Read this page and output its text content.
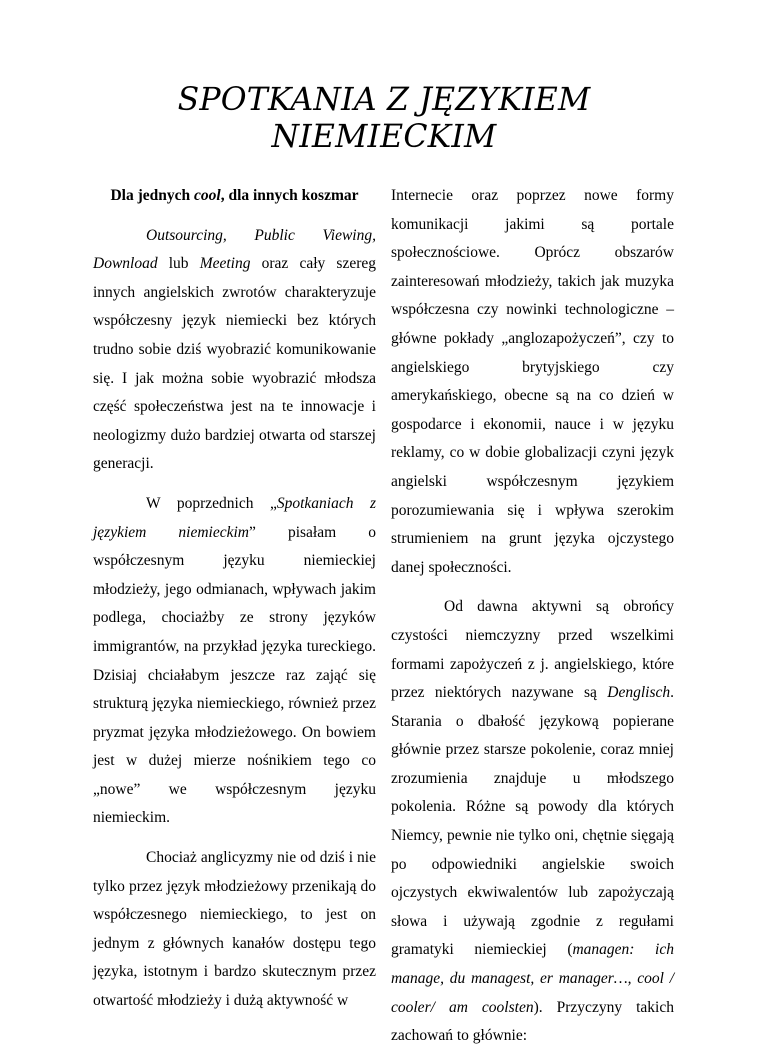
SPOTKANIA Z JĘZYKIEM
NIEMIECKIM

Dla jednych cool, dla innych koszmar

Outsourcing, Public Viewing, Download lub Meeting oraz cały szereg innych angielskich zwrotów charakteryzuje współczesny język niemiecki bez których trudno sobie dziś wyobrazić komunikowanie się. I jak można sobie wyobrazić młodsza część społeczeństwa jest na te innowacje i neologizmy dużo bardziej otwarta od starszej generacji.

W poprzednich „Spotkaniach z językiem niemieckim” pisałam o współczesnym języku niemieckiej młodzieży, jego odmianach, wpływach jakim podlega, chociażby ze strony języków immigrantów, na przykład języka tureckiego. Dzisiaj chciałabym jeszcze raz zająć się strukturą języka niemieckiego, również przez pryzmat języka młodzieżowego. On bowiem jest w dużej mierze nośnikiem tego co „nowe” we współczesnym języku niemieckim.

Chociaż anglicyzmy nie od dziś i nie tylko przez język młodzieżowy przenikają do współczesnego niemieckiego, to jest on jednym z głównych kanałów dostępu tego języka, istotnym i bardzo skutecznym przez otwartość młodzieży i dużą aktywność w

Internecie oraz poprzez nowe formy komunikacji jakimi są portale społecznościowe. Oprócz obszarów zainteresowań młodzieży, takich jak muzyka współczesna czy nowinki technologiczne – główne pokłady „anglozapożyczeń”, czy to angielskiego brytyjskiego czy amerykańskiego, obecne są na co dzień w gospodarce i ekonomii, nauce i w języku reklamy, co w dobie globalizacji czyni język angielski współczesnym językiem porozumiewania się i wpływa szerokim strumieniem na grunt języka ojczystego danej społeczności.

Od dawna aktywni są obrońcy czystości niemczyzny przed wszelkimi formami zapożyczeń z j. angielskiego, które przez niektórych nazywane są Denglisch. Starania o dbałość językową popierane głównie przez starsze pokolenie, coraz mniej zrozumienia znajduje u młodszego pokolenia. Różne są powody dla których Niemcy, pewnie nie tylko oni, chętnie sięgają po odpowiedniki angielskie swoich ojczystych ekwiwalentów lub zapożyczają słowa i używają zgodnie z regułami gramatyki niemieckiej (managen: ich manage, du managest, er manager…, cool / cooler/ am coolsten). Przyczyny takich zachowań to głównie:
